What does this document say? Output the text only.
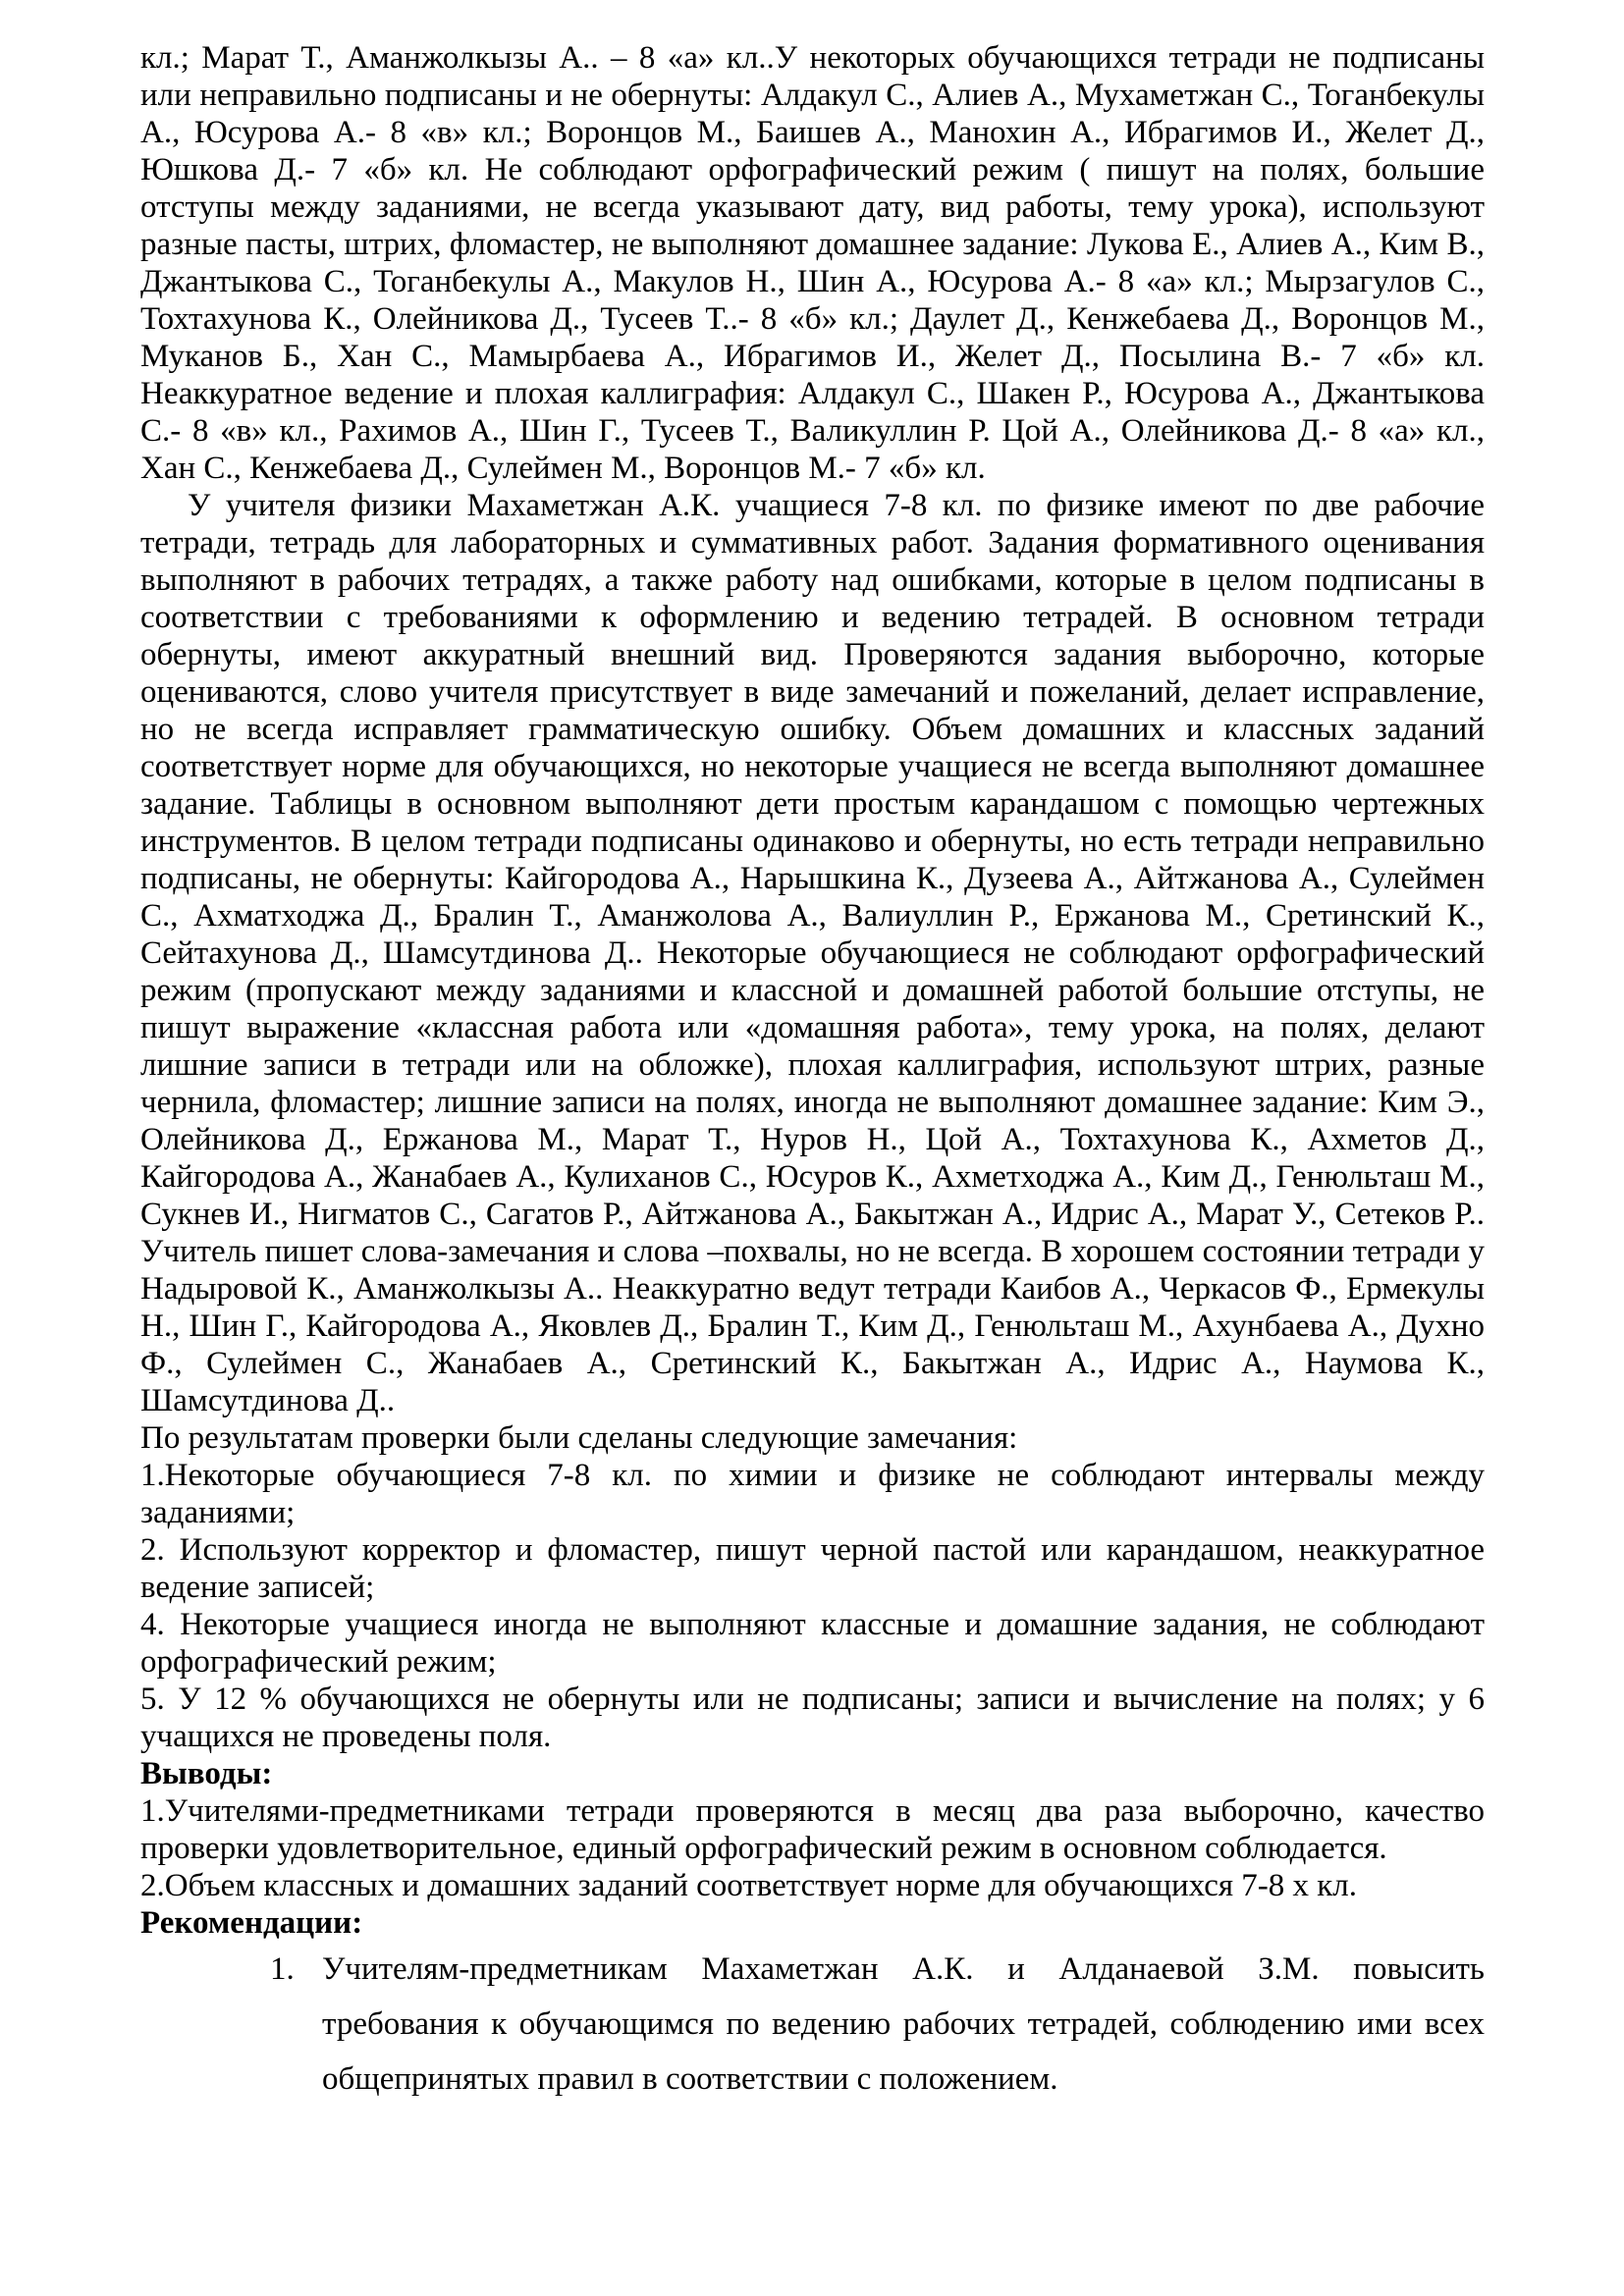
кл.; Марат Т., Аманжолкызы А.. – 8 «а» кл..У некоторых обучающихся тетради не подписаны или неправильно подписаны и не обернуты: Алдакул С., Алиев А., Мухаметжан С., Тоганбекулы А., Юсурова А.- 8 «в» кл.; Воронцов М., Баишев А., Манохин А., Ибрагимов И., Желет Д., Юшкова Д.- 7 «б» кл. Не соблюдают орфографический режим ( пишут на полях, большие отступы между заданиями, не всегда указывают дату, вид работы, тему урока), используют разные пасты, штрих, фломастер, не выполняют домашнее задание: Лукова Е., Алиев А., Ким В., Джантыкова С., Тоганбекулы А., Макулов Н., Шин А., Юсурова А.- 8 «а» кл.; Мырзагулов С., Тохтахунова К., Олейникова Д., Тусеев Т..- 8 «б» кл.; Даулет Д., Кенжебаева Д., Воронцов М., Муканов Б., Хан С., Мамырбаева А., Ибрагимов И., Желет Д., Посылина В.- 7 «б» кл. Неаккуратное ведение и плохая каллиграфия: Алдакул С., Шакен Р., Юсурова А., Джантыкова С.- 8 «в» кл., Рахимов А., Шин Г., Тусеев Т., Валикуллин Р. Цой А., Олейникова Д.- 8 «а» кл., Хан С., Кенжебаева Д., Сулеймен М., Воронцов М.- 7 «б» кл.

У учителя физики Махаметжан А.К. учащиеся 7-8 кл. по физике имеют по две рабочие тетради, тетрадь для лабораторных и суммативных работ. Задания формативного оценивания выполняют в рабочих тетрадях, а также работу над ошибками, которые в целом подписаны в соответствии с требованиями к оформлению и ведению тетрадей. В основном тетради обернуты, имеют аккуратный внешний вид. Проверяются задания выборочно, которые оцениваются, слово учителя присутствует в виде замечаний и пожеланий, делает исправление, но не всегда исправляет грамматическую ошибку. Объем домашних и классных заданий соответствует норме для обучающихся, но некоторые учащиеся не всегда выполняют домашнее задание. Таблицы в основном выполняют дети простым карандашом с помощью чертежных инструментов. В целом тетради подписаны одинаково и обернуты, но есть тетради неправильно подписаны, не обернуты: Кайгородова А., Нарышкина К., Дузеева А., Айтжанова А., Сулеймен С., Ахматходжа Д., Бралин Т., Аманжолова А., Валиуллин Р., Ержанова М., Сретинский К., Сейтахунова Д., Шамсутдинова Д.. Некоторые обучающиеся не соблюдают орфографический режим (пропускают между заданиями и классной и домашней работой большие отступы, не пишут выражение «классная работа или «домашняя работа», тему урока, на полях, делают лишние записи в тетради или на обложке), плохая каллиграфия, используют штрих, разные чернила, фломастер; лишние записи на полях, иногда не выполняют домашнее задание: Ким Э., Олейникова Д., Ержанова М., Марат Т., Нуров Н., Цой А., Тохтахунова К., Ахметов Д., Кайгородова А., Жанабаев А., Кулиханов С., Юсуров К., Ахметходжа А., Ким Д., Генюльташ М., Сукнев И., Нигматов С., Сагатов Р., Айтжанова А., Бакытжан А., Идрис А., Марат У., Сетеков Р.. Учитель пишет слова-замечания и слова –похвалы, но не всегда. В хорошем состоянии тетради у Надыровой К., Аманжолкызы А.. Неаккуратно ведут тетради Каибов А., Черкасов Ф., Ермекулы Н., Шин Г., Кайгородова А., Яковлев Д., Бралин Т., Ким Д., Генюльташ М., Ахунбаева А., Духно Ф., Сулеймен С., Жанабаев А., Сретинский К., Бакытжан А., Идрис А., Наумова К., Шамсутдинова Д..

По результатам проверки были сделаны следующие замечания:

1.Некоторые обучающиеся 7-8 кл. по химии и физике не соблюдают интервалы между заданиями;

2. Используют корректор и фломастер, пишут черной пастой или карандашом, неаккуратное ведение записей;

4. Некоторые учащиеся иногда не выполняют классные и домашние задания, не соблюдают орфографический режим;

5. У 12 % обучающихся не обернуты или не подписаны; записи и вычисление на полях; у 6 учащихся не проведены поля.

Выводы:

1.Учителями-предметниками тетради проверяются в месяц два раза выборочно, качество проверки удовлетворительное, единый орфографический режим в основном соблюдается.

2.Объем классных и домашних заданий соответствует норме для обучающихся 7-8 х кл.

Рекомендации:

1. Учителям-предметникам Махаметжан А.К. и Алданаевой З.М. повысить требования к обучающимся по ведению рабочих тетрадей, соблюдению ими всех общепринятых правил в соответствии с положением.
